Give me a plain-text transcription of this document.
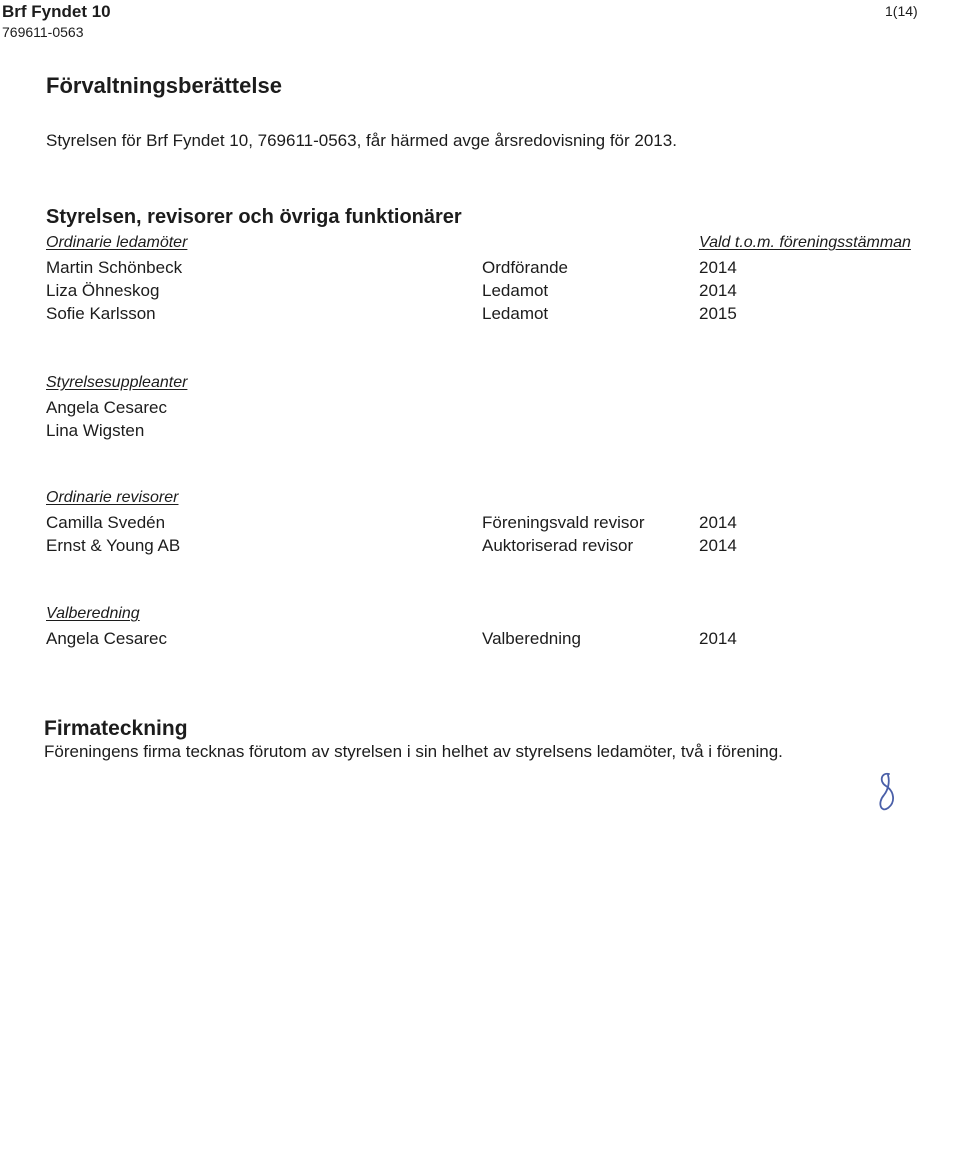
Brf Fyndet 10
769611-0563
1(14)
Förvaltningsberättelse
Styrelsen för Brf Fyndet 10, 769611-0563, får härmed avge årsredovisning för 2013.
Styrelsen, revisorer och övriga funktionärer
Ordinarie ledamöter	Vald t.o.m. föreningsstämman
Martin Schönbeck	Ordförande	2014
Liza Öhneskog	Ledamot	2014
Sofie Karlsson	Ledamot	2015
Styrelsesuppleanter
Angela Cesarec
Lina Wigsten
Ordinarie revisorer
Camilla Svedén	Föreningsvald revisor	2014
Ernst & Young AB	Auktoriserad revisor	2014
Valberedning
Angela Cesarec	Valberedning	2014
Firmateckning
Föreningens firma tecknas förutom av styrelsen i sin helhet av styrelsens ledamöter, två i förening.
